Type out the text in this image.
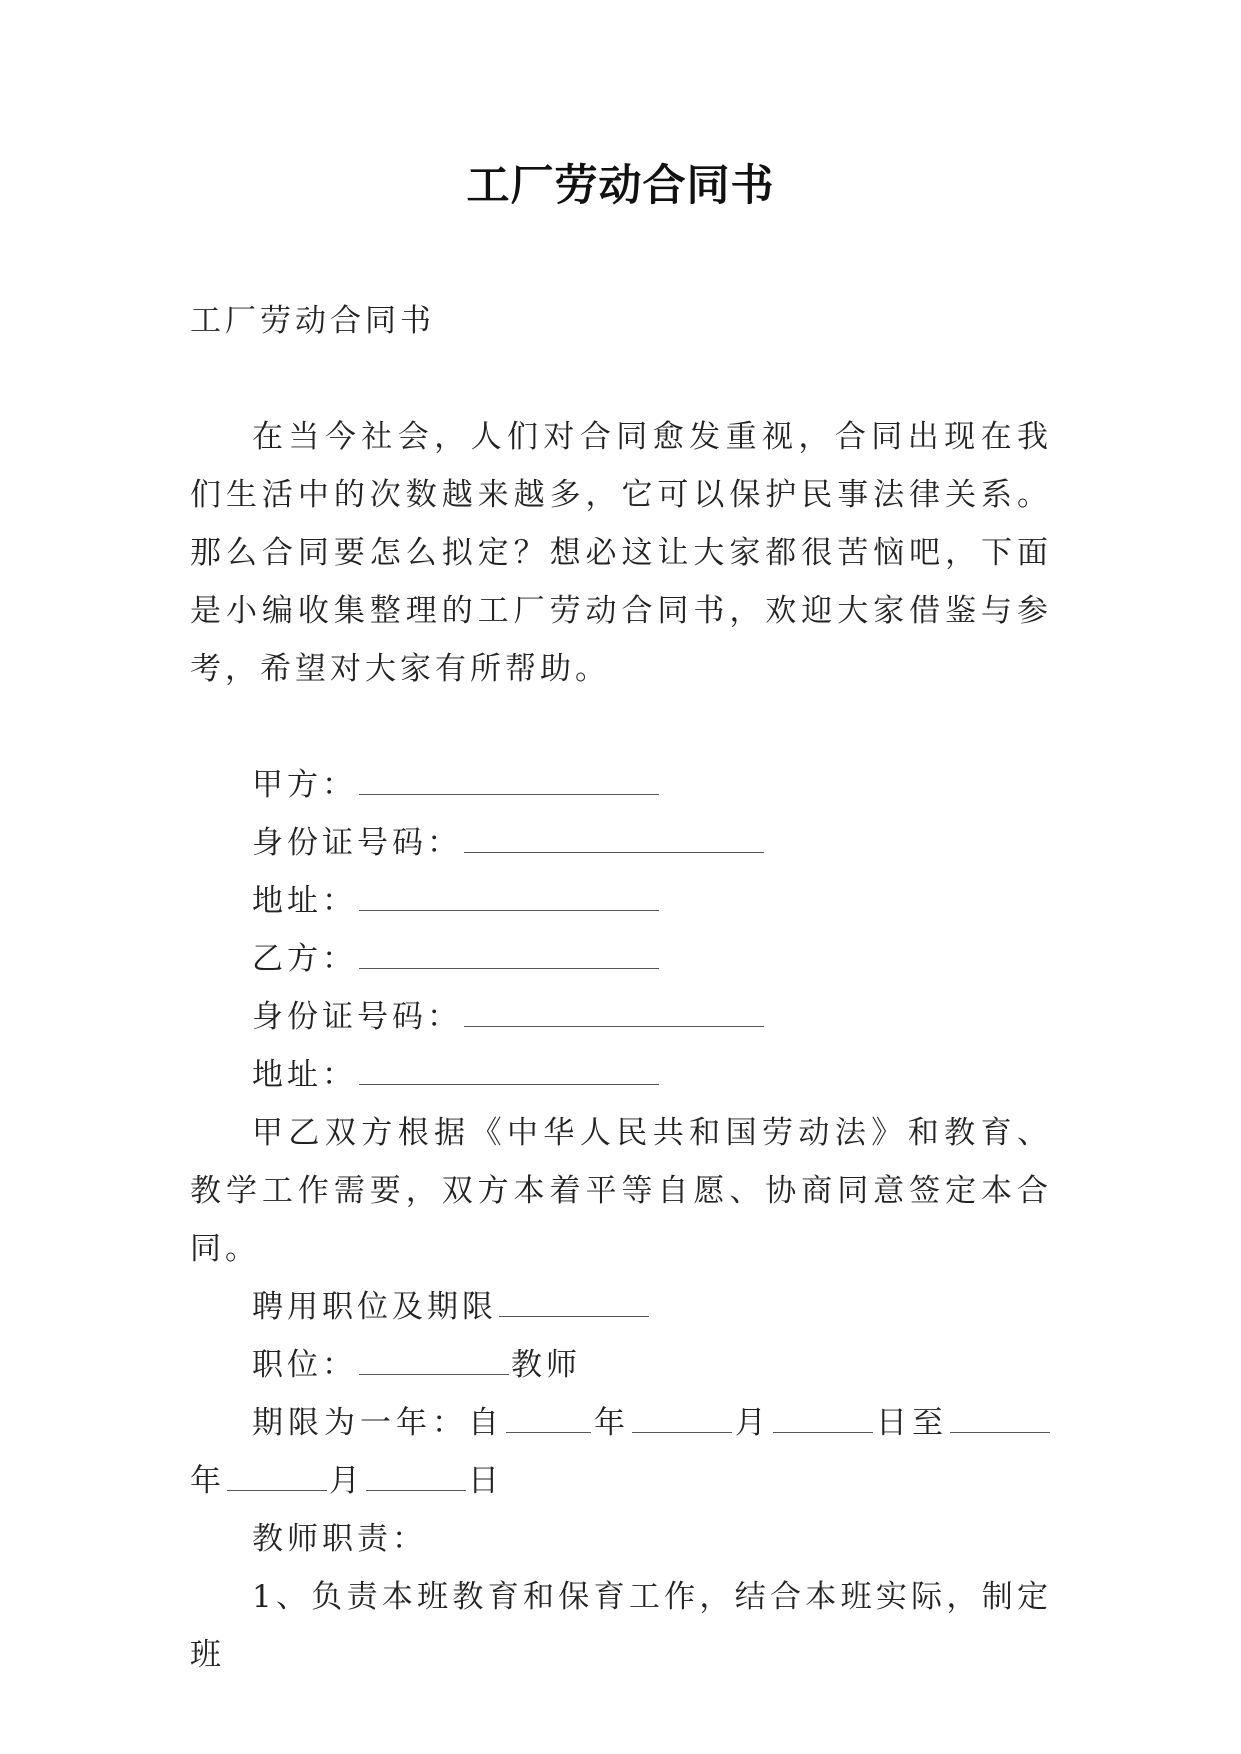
工厂劳动合同书

工厂劳动合同书

在当今社会，人们对合同愈发重视，合同出现在我们生活中的次数越来越多，它可以保护民事法律关系。那么合同要怎么拟定？想必这让大家都很苦恼吧，下面是小编收集整理的工厂劳动合同书，欢迎大家借鉴与参考，希望对大家有所帮助。

甲方：

身份证号码：

地址：

乙方：

身份证号码：

地址：

甲乙双方根据《中华人民共和国劳动法》和教育、教学工作需要，双方本着平等自愿、协商同意签定本合同。

聘用职位及期限

职位：	教师

期限为一年：自	年	月	日至年	月	日

教师职责：

1、负责本班教育和保育工作，结合本班实际，制定班
